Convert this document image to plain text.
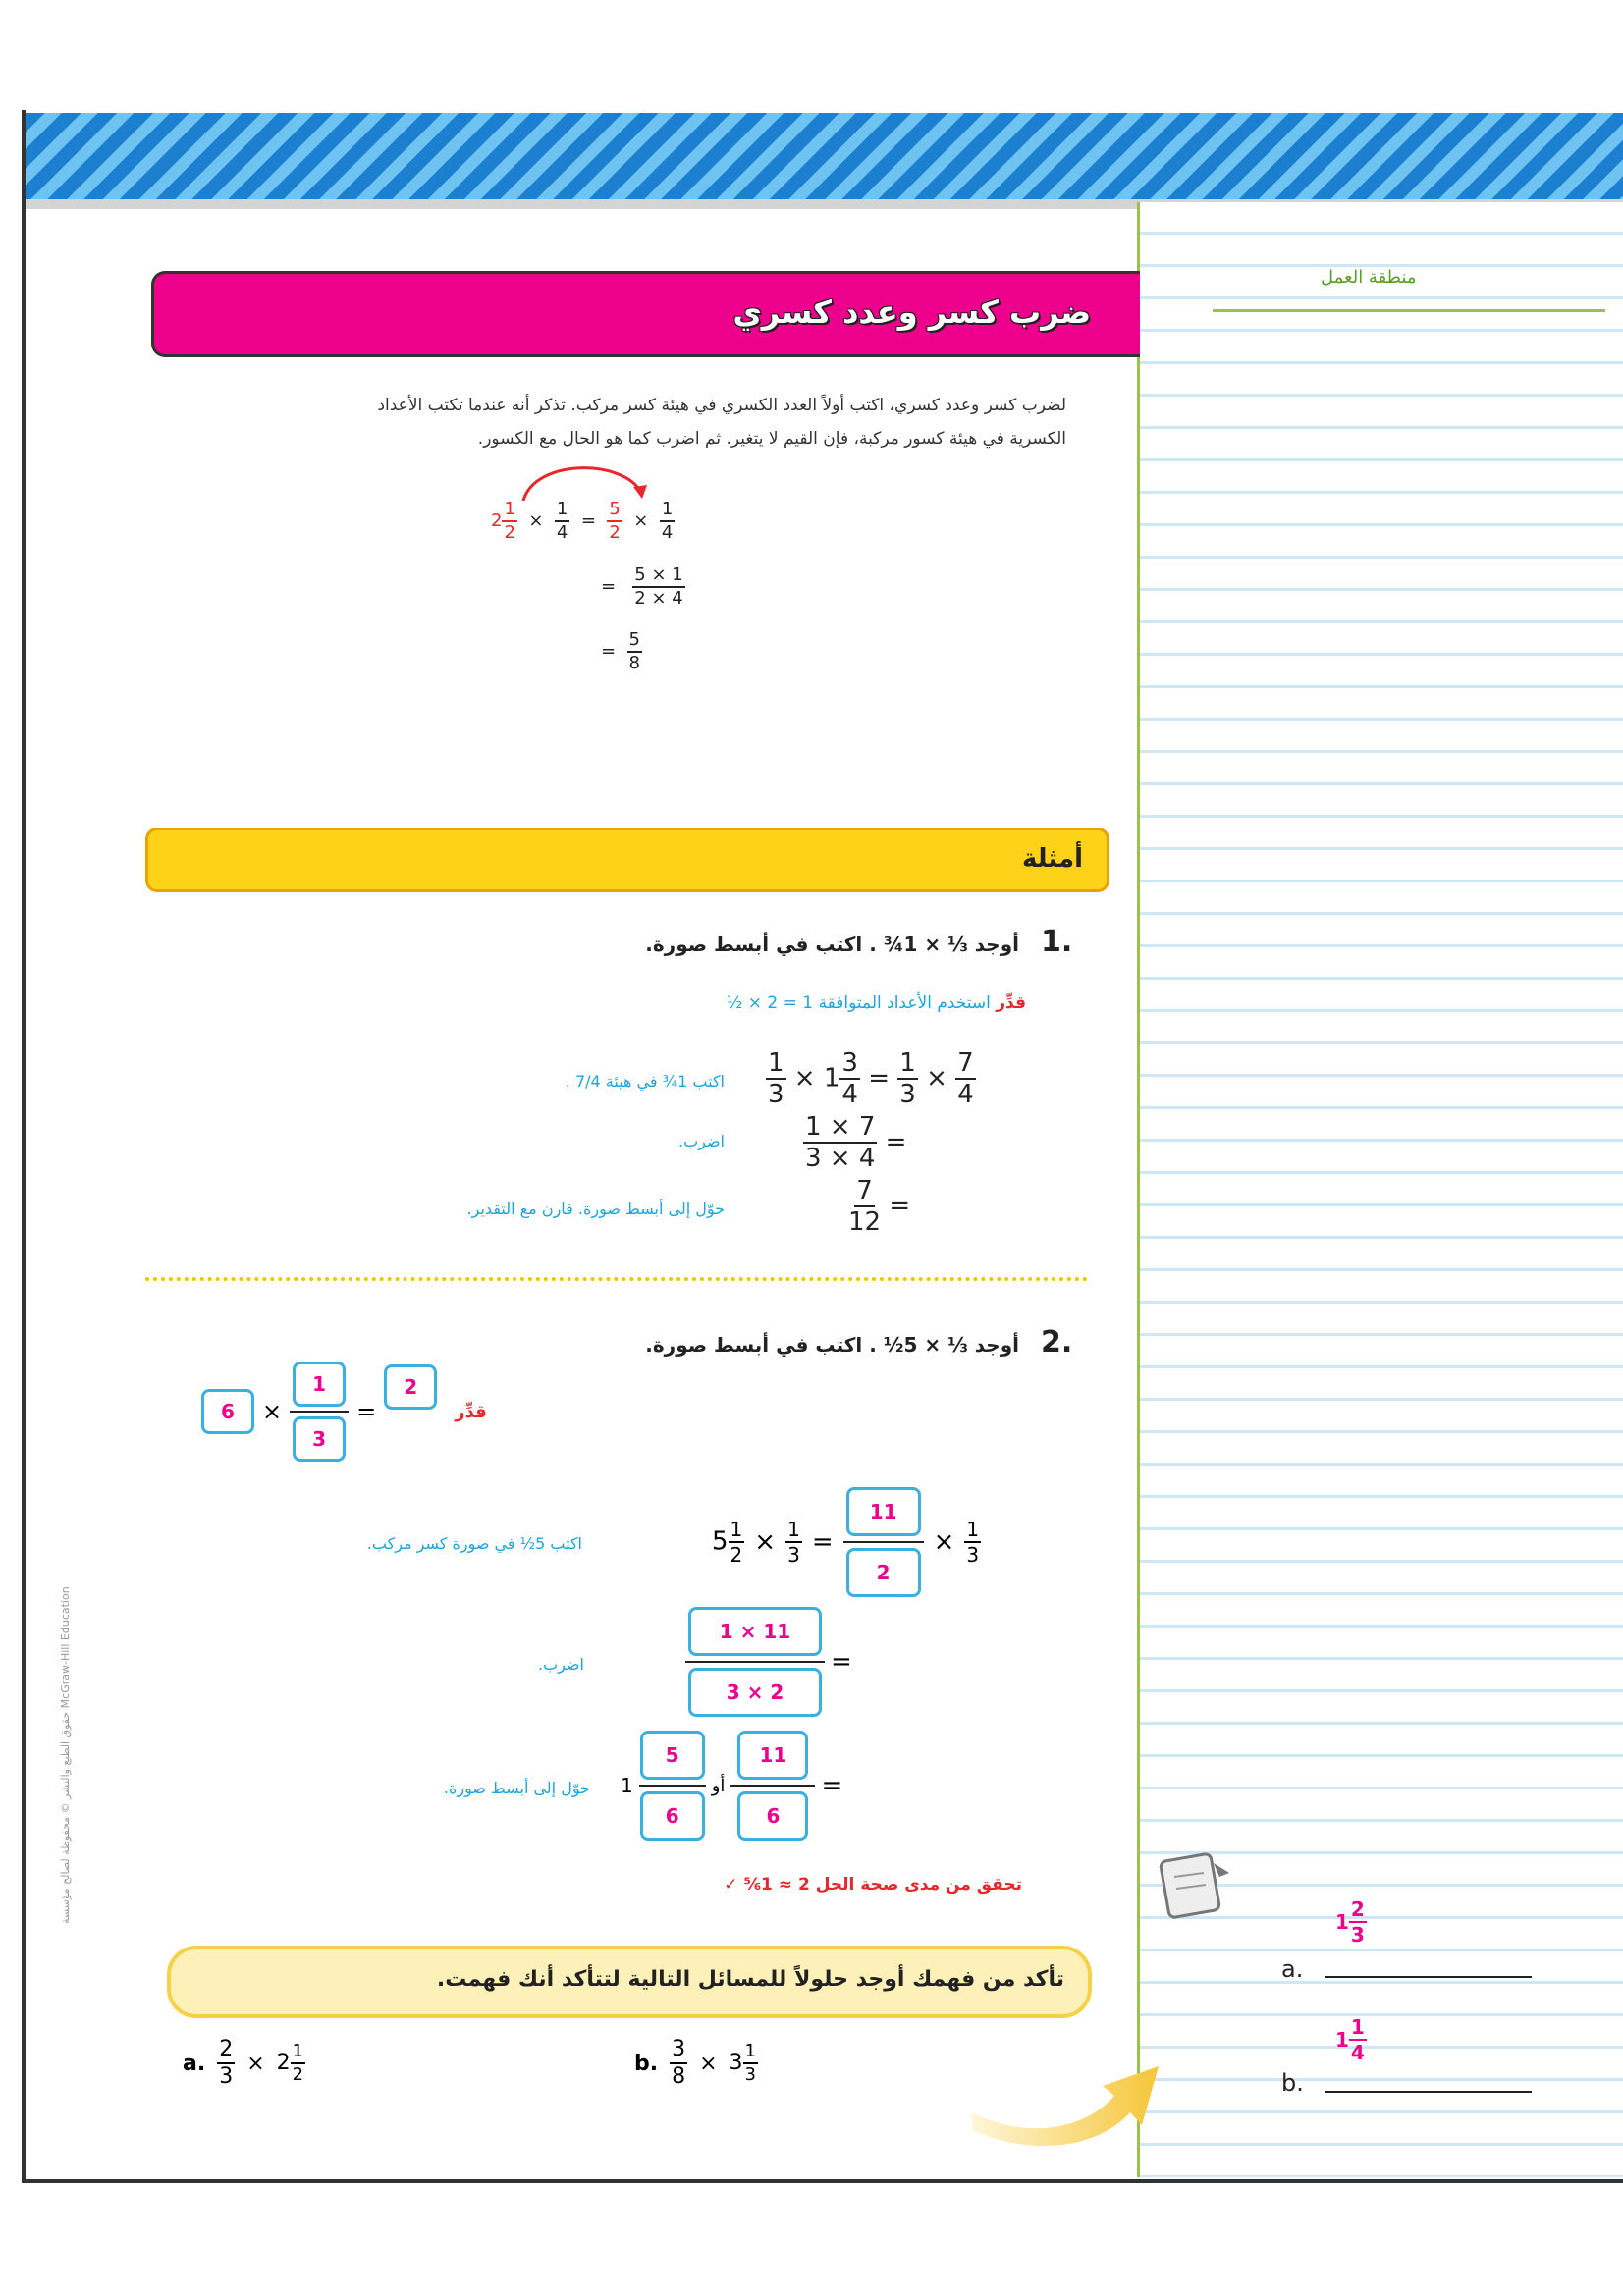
منطقة العمل
ضرب كسر وعدد كسري
لضرب كسر وعدد كسري، اكتب أولاً العدد الكسري في هيئة كسر مركب. تذكر أنه عندما تكتب الأعداد
الكسرية في هيئة كسور مركبة، فإن القيم لا يتغير. ثم اضرب كما هو الحال مع الكسور.
$2 \frac{1}{2} \times \frac{1}{4} = \frac{5}{2} \times \frac{1}{4}$
= $\frac{5 \times 1}{2 \times 4}$
= $\frac{5}{8}$
أمثلة
1.
أوجد ⅓ × 1¾ . اكتب في أبسط صورة.
قدِّر استخدم الأعداد المتوافقة 1 = 2 × ½
$\frac{1}{3} \times 1 \frac{3}{4} = \frac{1}{3} \times \frac{7}{4}$
اكتب 1¾ في هيئة 7/4 .
$\frac{1 \times 7}{3 \times 4}$ =
اضرب.
$\frac{7}{12}$ =
حوّل إلى أبسط صورة. قارن مع التقدير.
2.
أوجد ⅓ × 5½ . اكتب في أبسط صورة.
6	× $\frac{1}{3}$ =
2
قدِّر
$5 \frac{1}{2} \times \frac{1}{3} = \frac{11}{2} \times \frac{1}{3}$
اكتب 5½ في صورة كسر مركب.
$\frac{1 \times 11}{3 \times 2}$ =
اضرب.
$1 \frac{5}{6}$ أو $\frac{11}{6}$ =
حوّل إلى أبسط صورة.
تحقق من مدى صحة الحل 2 ≈ 1⅚ ✓
تأكد من فهمك أوجد حلولاً للمسائل التالية لتتأكد أنك فهمت.
a. $\frac{2}{3} \times 2 \frac{1}{2}$	b. $\frac{3}{8} \times 3 \frac{1}{3}$
a.
1
2
3
b.
1
1
4
حقوق الطبع والنشر © محفوظة لصالح مؤسسة McGraw-Hill Education
